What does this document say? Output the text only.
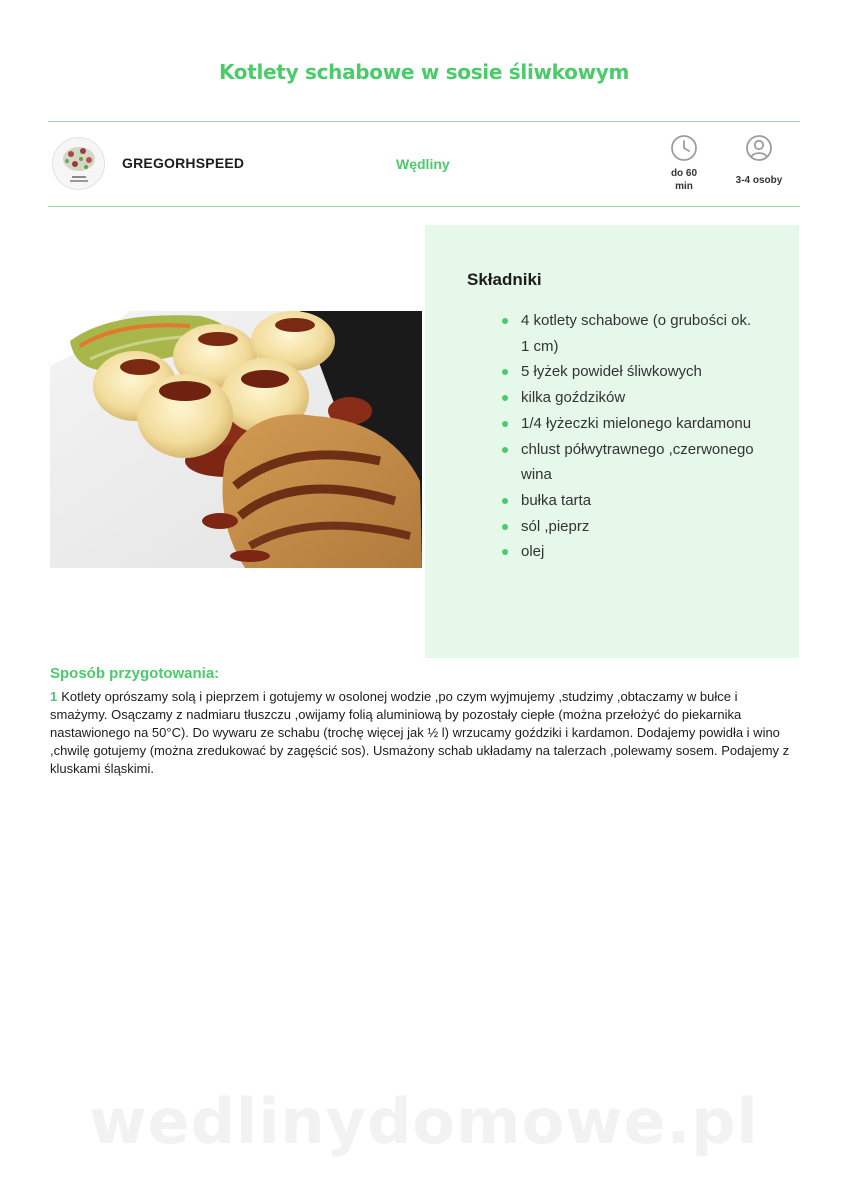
Kotlety schabowe w sosie śliwkowym
GREGORHSPEED	Wędliny
do 60
min
3-4 osoby
Składniki
4 kotlety schabowe (o grubości ok. 1 cm)
5 łyżek powideł śliwkowych
kilka goździków
1/4 łyżeczki mielonego kardamonu
chlust półwytrawnego ,czerwonego wina
bułka tarta
sól ,pieprz
olej
Sposób przygotowania:
1 Kotlety oprószamy solą i pieprzem i gotujemy w osolonej wodzie ,po czym wyjmujemy ,studzimy ,obtaczamy w bułce i smażymy. Osączamy z nadmiaru tłuszczu ,owijamy folią aluminiową by pozostały ciepłe (można przełożyć do piekarnika nastawionego na 50°C). Do wywaru ze schabu (trochę więcej jak ½ l) wrzucamy goździki i kardamon. Dodajemy powidła i wino ,chwilę gotujemy (można zredukować by zagęścić sos). Usmażony schab układamy na talerzach ,polewamy sosem. Podajemy z kluskami śląskimi.
wedlinydomowe.pl
